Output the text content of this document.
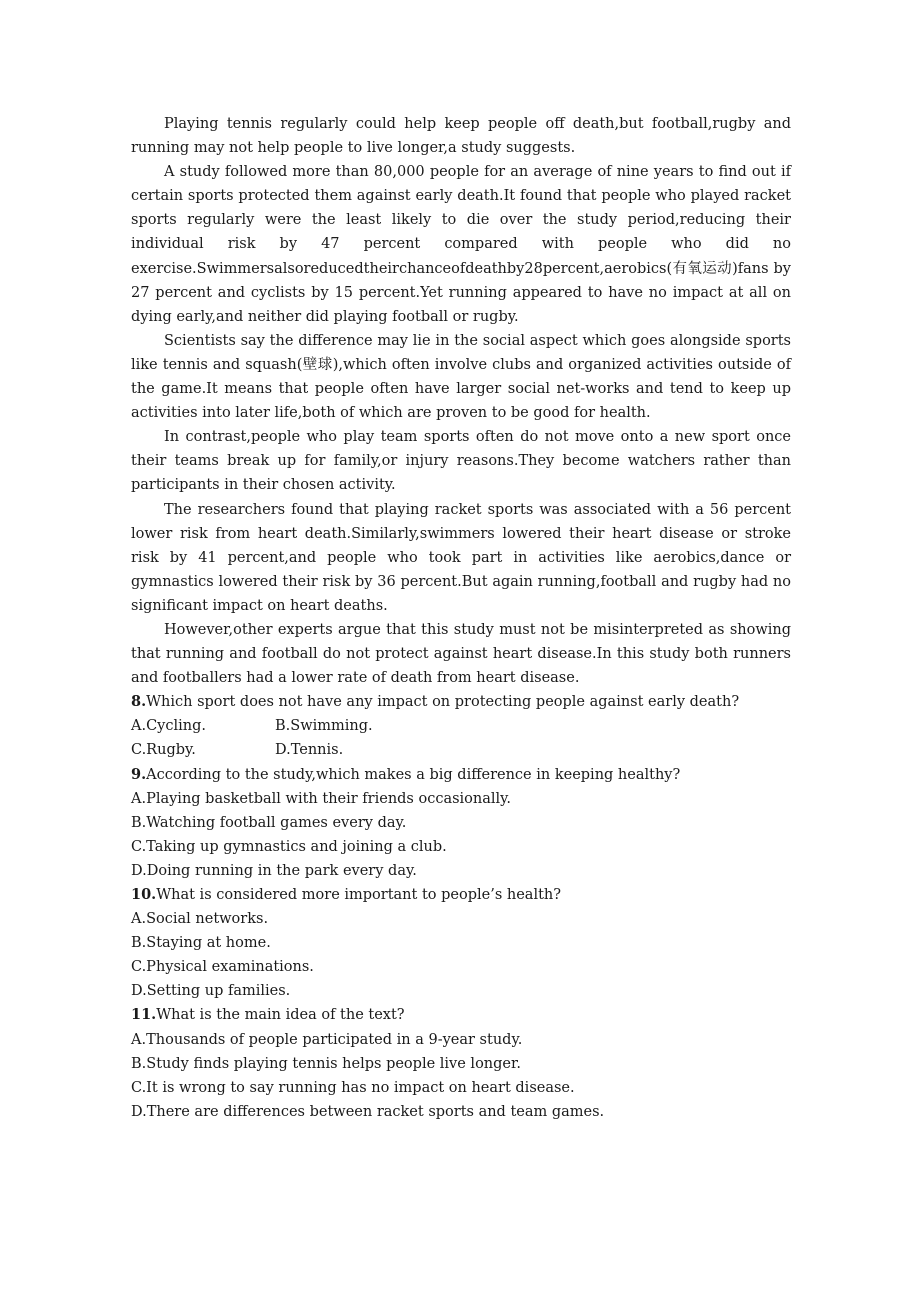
Playing tennis regularly could help keep people off death,but football,rugby and running may not help people to live longer,a study suggests.

A study followed more than 80,000 people for an average of nine years to find out if certain sports protected them against early death.It found that people who played racket sports regularly were the least likely to die over the study period,reducing their individual risk by 47 percent compared with people who did no exercise.Swimmersalsoreducedtheirchanceofdeathby28percent,aerobics(有氧运动)fans by 27 percent and cyclists by 15 percent.Yet running appeared to have no impact at all on dying early,and neither did playing football or rugby.

Scientists say the difference may lie in the social aspect which goes alongside sports like tennis and squash(壁球),which often involve clubs and organized activities outside of the game.It means that people often have larger social net-works and tend to keep up activities into later life,both of which are proven to be good for health.

In contrast,people who play team sports often do not move onto a new sport once their teams break up for family,or injury reasons.They become watchers rather than participants in their chosen activity.

The researchers found that playing racket sports was associated with a 56 percent lower risk from heart death.Similarly,swimmers lowered their heart disease or stroke risk by 41 percent,and people who took part in activities like aerobics,dance or gymnastics lowered their risk by 36 percent.But again running,football and rugby had no significant impact on heart deaths.

However,other experts argue that this study must not be misinterpreted as showing that running and football do not protect against heart disease.In this study both runners and footballers had a lower rate of death from heart disease.

8.Which sport does not have any impact on protecting people against early death?

A.Cycling.	B.Swimming.

C.Rugby.	D.Tennis.

9.According to the study,which makes a big difference in keeping healthy?

A.Playing basketball with their friends occasionally.

B.Watching football games every day.

C.Taking up gymnastics and joining a club.

D.Doing running in the park every day.

10.What is considered more important to people’s health?

A.Social networks.

B.Staying at home.

C.Physical examinations.

D.Setting up families.

11.What is the main idea of the text?

A.Thousands of people participated in a 9-year study.

B.Study finds playing tennis helps people live longer.

C.It is wrong to say running has no impact on heart disease.

D.There are differences between racket sports and team games.
